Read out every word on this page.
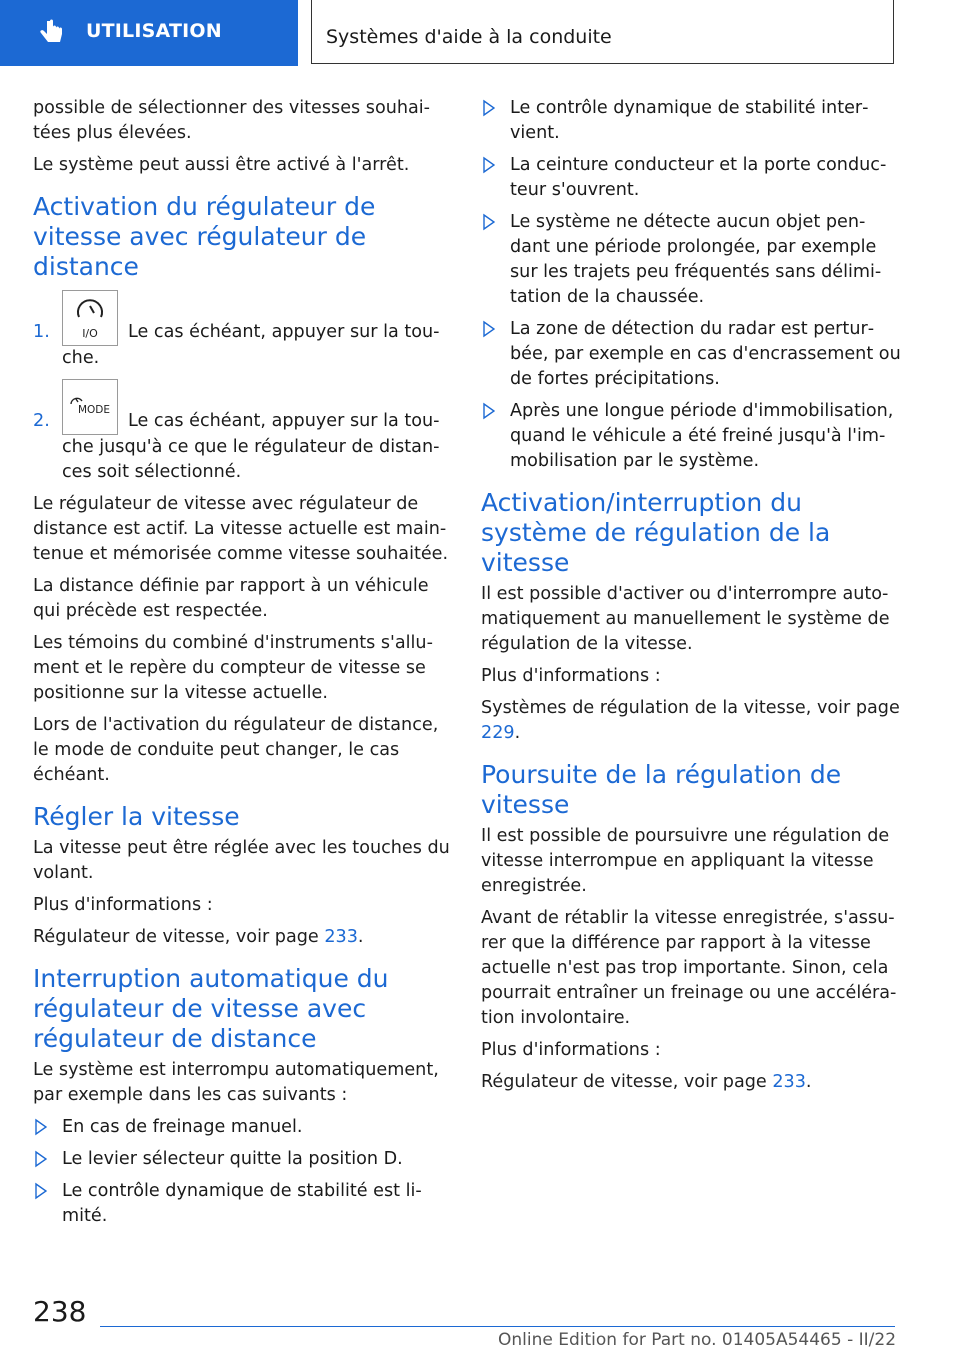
UTILISATION	Systèmes d'aide à la conduite

possible de sélectionner des vitesses souhai‐tées plus élevées.

Le système peut aussi être activé à l'arrêt.

Activation du régulateur de vitesse avec régulateur de distance
1.	I/O Le cas échéant, appuyer sur la tou‐che.
2.
MODE
Le cas échéant, appuyer sur la tou‐che jusqu'à ce que le régulateur de distan‐ces soit sélectionné.

Le régulateur de vitesse avec régulateur de distance est actif. La vitesse actuelle est main‐tenue et mémorisée comme vitesse souhaitée.

La distance définie par rapport à un véhicule qui précède est respectée.

Les témoins du combiné d'instruments s'allu‐ment et le repère du compteur de vitesse se positionne sur la vitesse actuelle.

Lors de l'activation du régulateur de distance, le mode de conduite peut changer, le cas échéant.

Régler la vitesse

La vitesse peut être réglée avec les touches du volant.

Plus d'informations :

Régulateur de vitesse, voir page 233.

Interruption automatique du régulateur de vitesse avec régulateur de distance

Le système est interrompu automatiquement, par exemple dans les cas suivants :

En cas de freinage manuel.
Le levier sélecteur quitte la position D.
Le contrôle dynamique de stabilité est li‐mité.
Le contrôle dynamique de stabilité inter‐vient.
La ceinture conducteur et la porte conduc‐teur s'ouvrent.
Le système ne détecte aucun objet pen‐dant une période prolongée, par exemple sur les trajets peu fréquentés sans délimi‐tation de la chaussée.
La zone de détection du radar est pertur‐bée, par exemple en cas d'encrassement ou de fortes précipitations.
Après une longue période d'immobilisation, quand le véhicule a été freiné jusqu'à l'im‐mobilisation par le système.
Activation/interruption du système de régulation de la vitesse

Il est possible d'activer ou d'interrompre auto‐matiquement au manuellement le système de régulation de la vitesse.

Plus d'informations :

Systèmes de régulation de la vitesse, voir page 229.

Poursuite de la régulation de vitesse

Il est possible de poursuivre une régulation de vitesse interrompue en appliquant la vitesse enregistrée.

Avant de rétablir la vitesse enregistrée, s'assu‐rer que la différence par rapport à la vitesse actuelle n'est pas trop importante. Sinon, cela pourrait entraîner un freinage ou une accéléra‐tion involontaire.

Plus d'informations :

Régulateur de vitesse, voir page 233.

238
Online Edition for Part no. 01405A54465 - II/22
